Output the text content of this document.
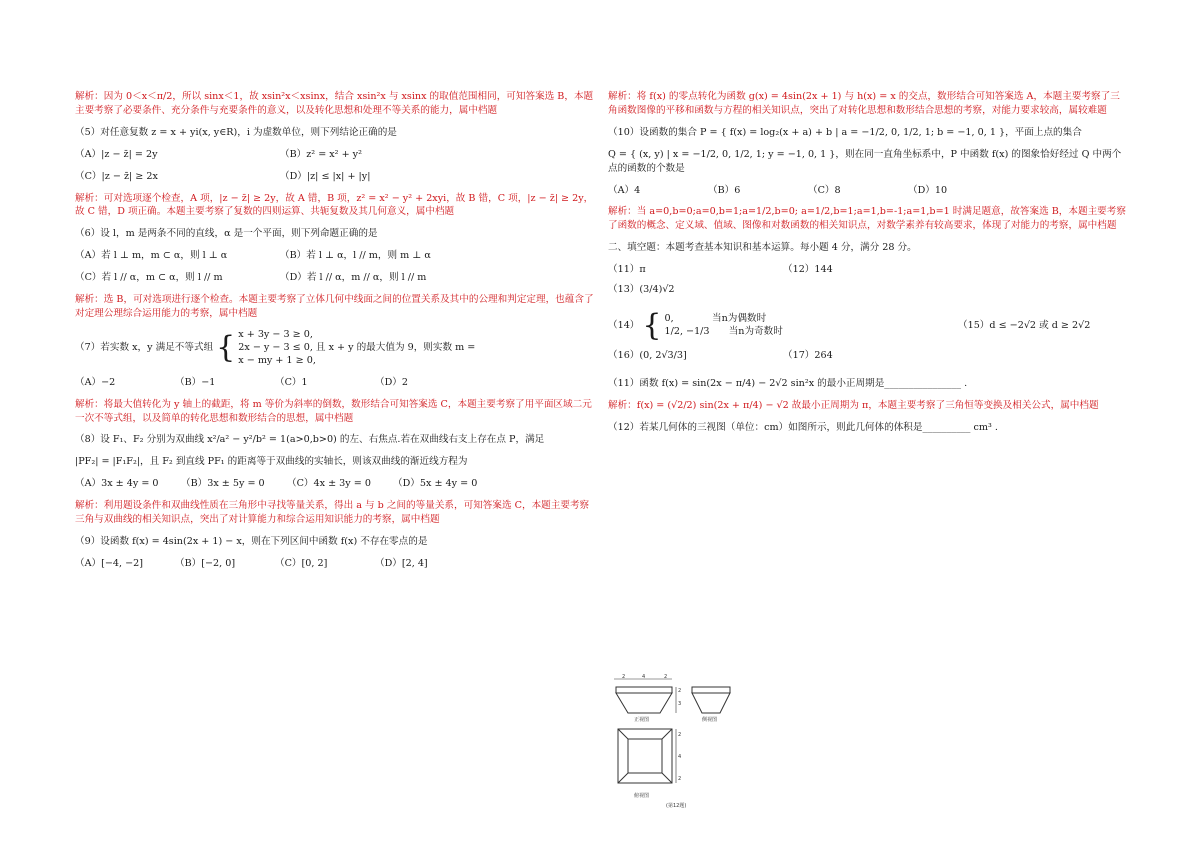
解析：因为 0＜x＜π/2，所以 sinx＜1，故 xsin²x＜xsinx，结合 xsin²x 与 xsinx 的取值范围相同，可知答案选 B，本题主要考察了必要条件、充分条件与充要条件的意义，以及转化思想和处理不等关系的能力，属中档题

（5）对任意复数 z = x + yi(x, y∈R)，i 为虚数单位，则下列结论正确的是

（A）|z − z̄| = 2y	（B）z² = x² + y²
（C）|z − z̄| ≥ 2x	（D）|z| ≤ |x| + |y|

解析：可对选项逐个检查，A 项，|z − z̄| ≥ 2y，故 A 错，B 项，z² = x² − y² + 2xyi，故 B 错，C 项，|z − z̄| ≥ 2y，故 C 错，D 项正确。本题主要考察了复数的四则运算、共轭复数及其几何意义，属中档题

（6）设 l，m 是两条不同的直线，α 是一个平面，则下列命题正确的是

（A）若 l ⊥ m，m ⊂ α，则 l ⊥ α	（B）若 l ⊥ α，l // m，则 m ⊥ α
（C）若 l // α，m ⊂ α，则 l // m	（D）若 l // α，m // α，则 l // m

解析：选 B，可对选项进行逐个检查。本题主要考察了立体几何中线面之间的位置关系及其中的公理和判定定理，也蕴含了对定理公理综合运用能力的考察，属中档题

（7）若实数 x，y 满足不等式组 { x + 3y − 3 ≥ 0,
2x − y − 3 ≤ 0, 且 x + y 的最大值为 9，则实数 m =
x − my + 1 ≥ 0,
（A）−2	（B）−1	（C）1	（D）2

解析：将最大值转化为 y 轴上的截距，将 m 等价为斜率的倒数，数形结合可知答案选 C，本题主要考察了用平面区域二元一次不等式组，以及简单的转化思想和数形结合的思想，属中档题

（8）设 F₁、F₂ 分别为双曲线 x²/a² − y²/b² = 1(a>0,b>0) 的左、右焦点.若在双曲线右支上存在点 P，满足

|PF₂| = |F₁F₂|，且 F₂ 到直线 PF₁ 的距离等于双曲线的实轴长，则该双曲线的渐近线方程为

（A）3x ± 4y = 0	（B）3x ± 5y = 0	（C）4x ± 3y = 0	（D）5x ± 4y = 0

解析：利用题设条件和双曲线性质在三角形中寻找等量关系，得出 a 与 b 之间的等量关系，可知答案选 C，本题主要考察三角与双曲线的相关知识点，突出了对计算能力和综合运用知识能力的考察，属中档题

（9）设函数 f(x) = 4sin(2x + 1) − x，则在下列区间中函数 f(x) 不存在零点的是

（A）[−4, −2]	（B）[−2, 0]	（C）[0, 2]	（D）[2, 4]

解析：将 f(x) 的零点转化为函数 g(x) = 4sin(2x + 1) 与 h(x) = x 的交点，数形结合可知答案选 A，本题主要考察了三角函数图像的平移和函数与方程的相关知识点，突出了对转化思想和数形结合思想的考察，对能力要求较高，属较难题

（10）设函数的集合 P = { f(x) = log₂(x + a) + b | a = −1/2, 0, 1/2, 1; b = −1, 0, 1 }，平面上点的集合

Q = { (x, y) | x = −1/2, 0, 1/2, 1; y = −1, 0, 1 }，则在同一直角坐标系中，P 中函数 f(x) 的图象恰好经过 Q 中两个点的函数的个数是

（A）4	（B）6	（C）8	（D）10

解析：当 a=0,b=0;a=0,b=1;a=1/2,b=0; a=1/2,b=1;a=1,b=-1;a=1,b=1 时满足题意，故答案选 B，本题主要考察了函数的概念、定义域、值域、图像和对数函数的相关知识点，对数学素养有较高要求，体现了对能力的考察，属中档题

二、填空题：本题考查基本知识和基本运算。每小题 4 分，满分 28 分。

（11）π	（12）144
（13）(3/4)√2
（14） { 0,　　　　当n为偶数时
1/2, −1/3　　当n为奇数时
（15）d ≤ −2√2 或 d ≥ 2√2
（16）(0, 2√3/3]	（17）264

（11）函数 f(x) = sin(2x − π/4) − 2√2 sin²x 的最小正周期是________________ .

解析：f(x) = (√2/2) sin(2x + π/4) − √2 故最小正周期为 π，本题主要考察了三角恒等变换及相关公式，属中档题

（12）若某几何体的三视图（单位：cm）如图所示，则此几何体的体积是__________ cm³ .

2	4	2
2
3
2
4
2
正视图	侧视图
俯视图
(第12题)
